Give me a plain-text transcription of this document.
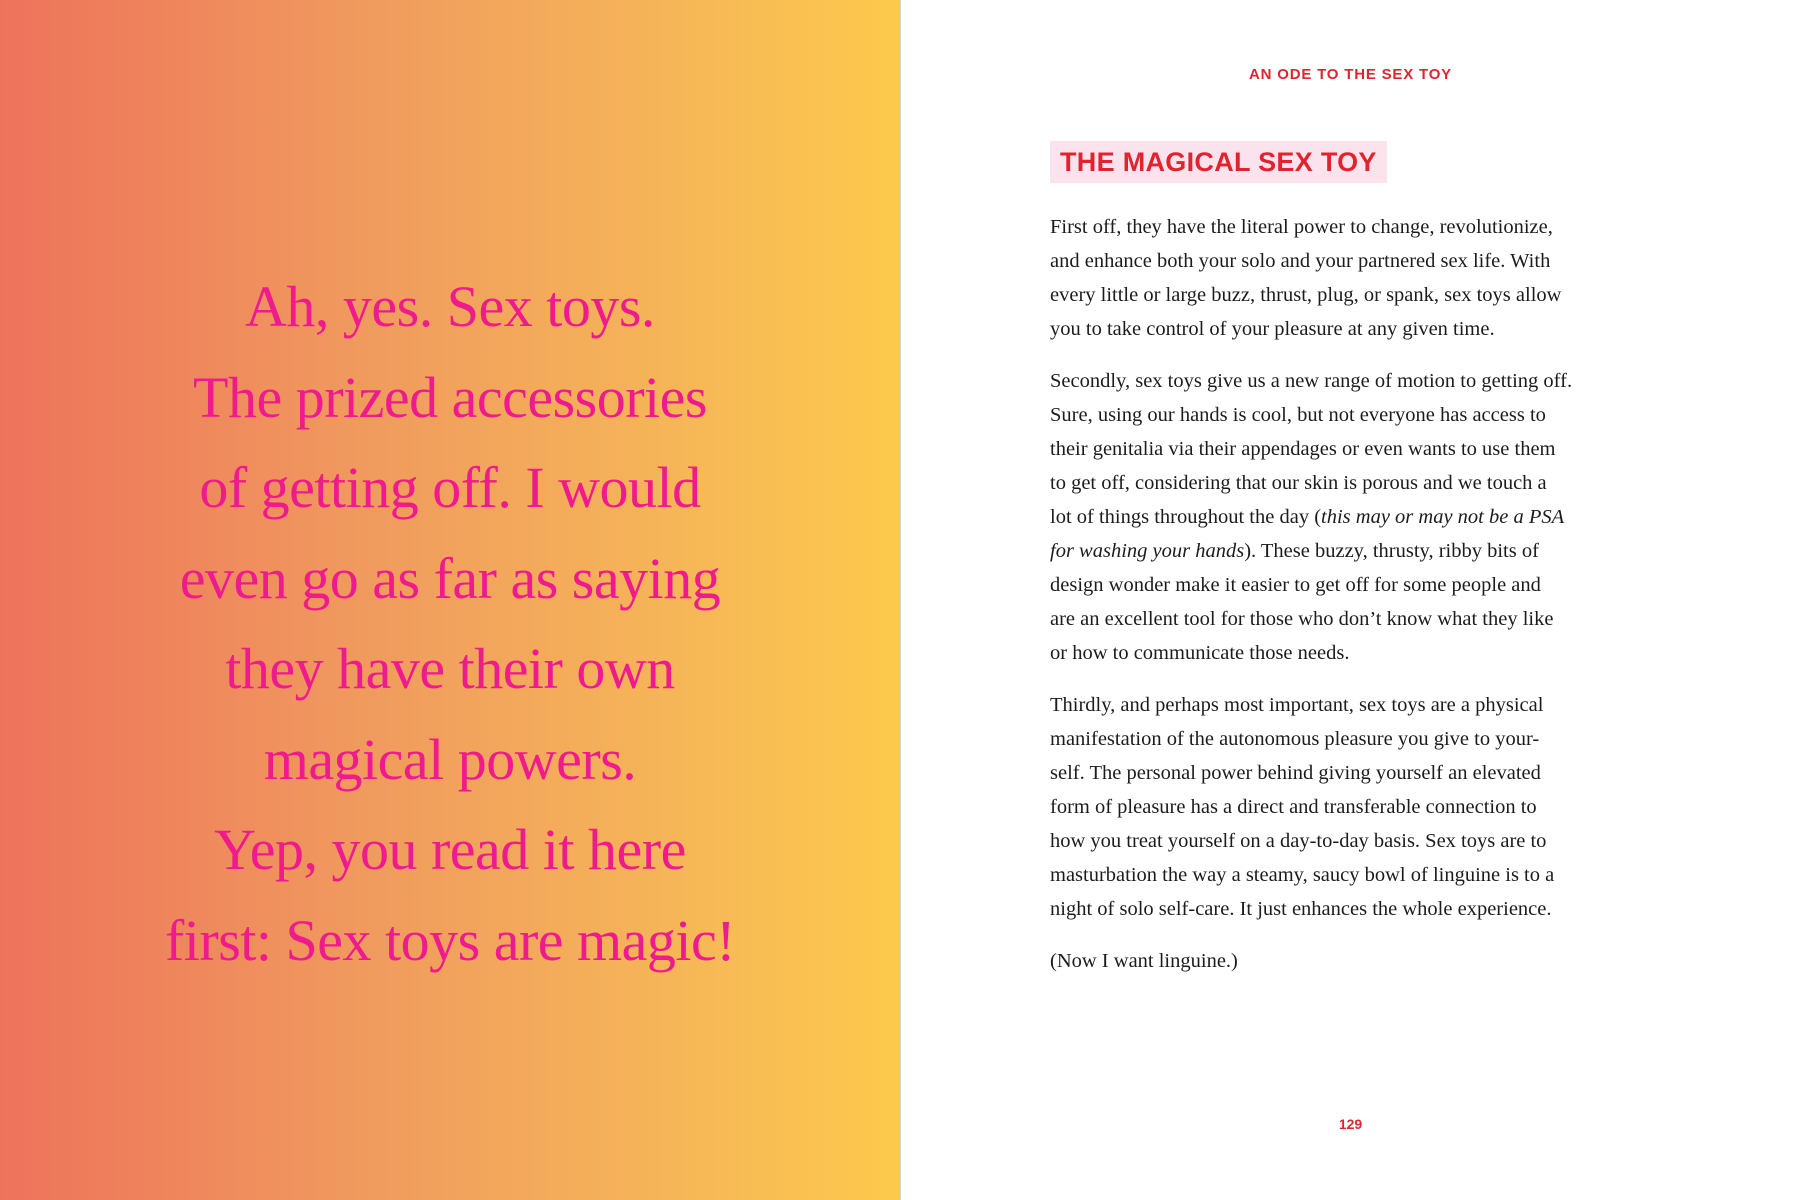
Ah, yes. Sex toys.
The prized accessories
of getting off. I would
even go as far as saying
they have their own
magical powers.
Yep, you read it here
first: Sex toys are magic!

AN ODE TO THE SEX TOY
THE MAGICAL SEX TOY

First off, they have the literal power to change, revolutionize,
and enhance both your solo and your partnered sex life. With
every little or large buzz, thrust, plug, or spank, sex toys allow
you to take control of your pleasure at any given time.

Secondly, sex toys give us a new range of motion to getting off.
Sure, using our hands is cool, but not everyone has access to
their genitalia via their appendages or even wants to use them
to get off, considering that our skin is porous and we touch a
lot of things throughout the day (this may or may not be a PSA
for washing your hands). These buzzy, thrusty, ribby bits of
design wonder make it easier to get off for some people and
are an excellent tool for those who don’t know what they like
or how to communicate those needs.

Thirdly, and perhaps most important, sex toys are a physical
manifestation of the autonomous pleasure you give to your-
self. The personal power behind giving yourself an elevated
form of pleasure has a direct and transferable connection to
how you treat yourself on a day-to-day basis. Sex toys are to
masturbation the way a steamy, saucy bowl of linguine is to a
night of solo self-care. It just enhances the whole experience.

(Now I want linguine.)

129
